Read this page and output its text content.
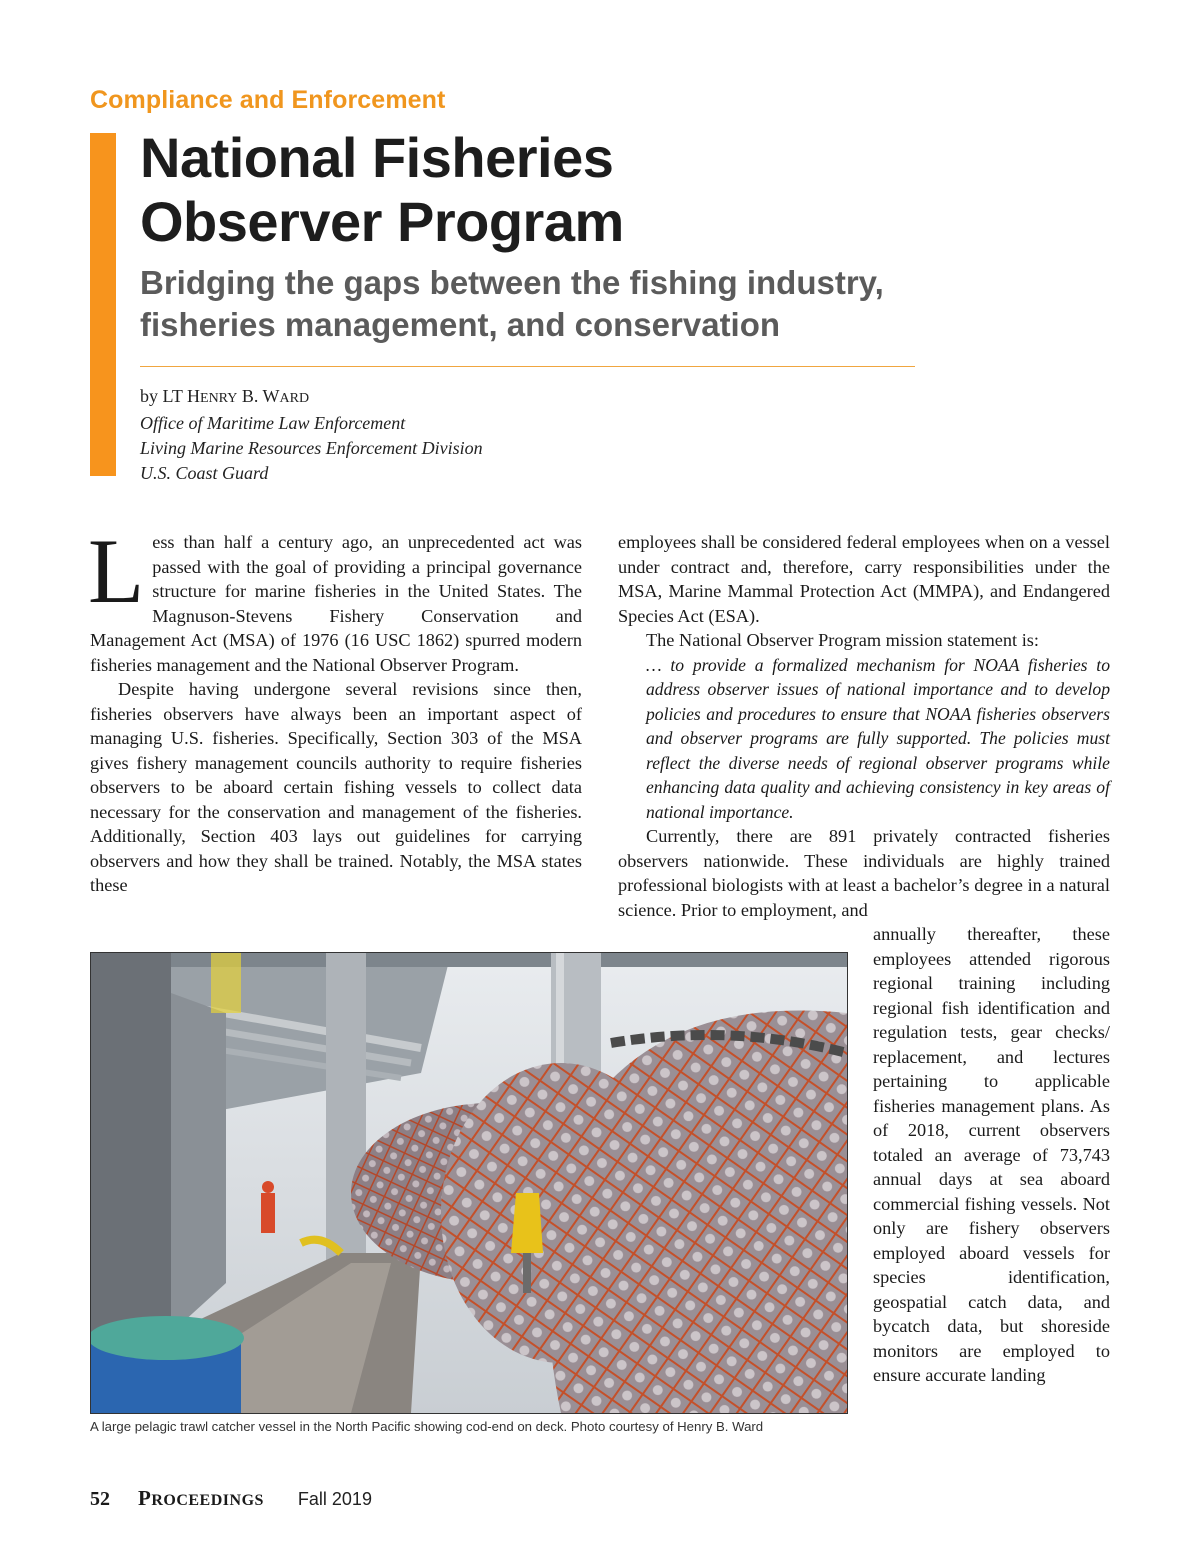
Compliance and Enforcement
National Fisheries
Observer Program
Bridging the gaps between the fishing industry,
fisheries management, and conservation
by LT HENRY B. WARD
Office of Maritime Law Enforcement
Living Marine Resources Enforcement Division
U.S. Coast Guard

Less than half a century ago, an unprecedented act was passed with the goal of providing a principal governance structure for marine fisheries in the United States. The Magnuson-Stevens Fishery Conservation and Management Act (MSA) of 1976 (16 USC 1862) spurred modern fisheries management and the National Observer Program.

Despite having undergone several revisions since then, fisheries observers have always been an important aspect of managing U.S. fisheries. Specifically, Section 303 of the MSA gives fishery management councils authority to require fisheries observers to be aboard certain fishing vessels to collect data necessary for the conservation and management of the fisheries. Additionally, Section 403 lays out guidelines for carrying observers and how they shall be trained. Notably, the MSA states these

employees shall be considered federal employees when on a vessel under contract and, therefore, carry responsibilities under the MSA, Marine Mammal Protection Act (MMPA), and Endangered Species Act (ESA).

The National Observer Program mission statement is:

… to provide a formalized mechanism for NOAA fisheries to address observer issues of national importance and to develop policies and procedures to ensure that NOAA fisheries observers and observer programs are fully supported. The policies must reflect the diverse needs of regional observer programs while enhancing data quality and achieving consistency in key areas of national importance.

Currently, there are 891 privately contracted fisheries observers nationwide. These individuals are highly trained professional biologists with at least a bachelor’s degree in a natural science. Prior to employment, and

annually thereafter, these employees attended rigorous regional training including regional fish identification and regulation tests, gear checks/ replacement, and lectures pertaining to applicable fisheries management plans. As of 2018, current observers totaled an average of 73,743 annual days at sea aboard commercial fishing vessels. Not only are fishery observers employed aboard vessels for species identification, geospatial catch data, and bycatch data, but shoreside monitors are employed to ensure accurate landing

A large pelagic trawl catcher vessel in the North Pacific showing cod-end on deck. Photo courtesy of Henry B. Ward
52 PROCEEDINGS Fall 2019
